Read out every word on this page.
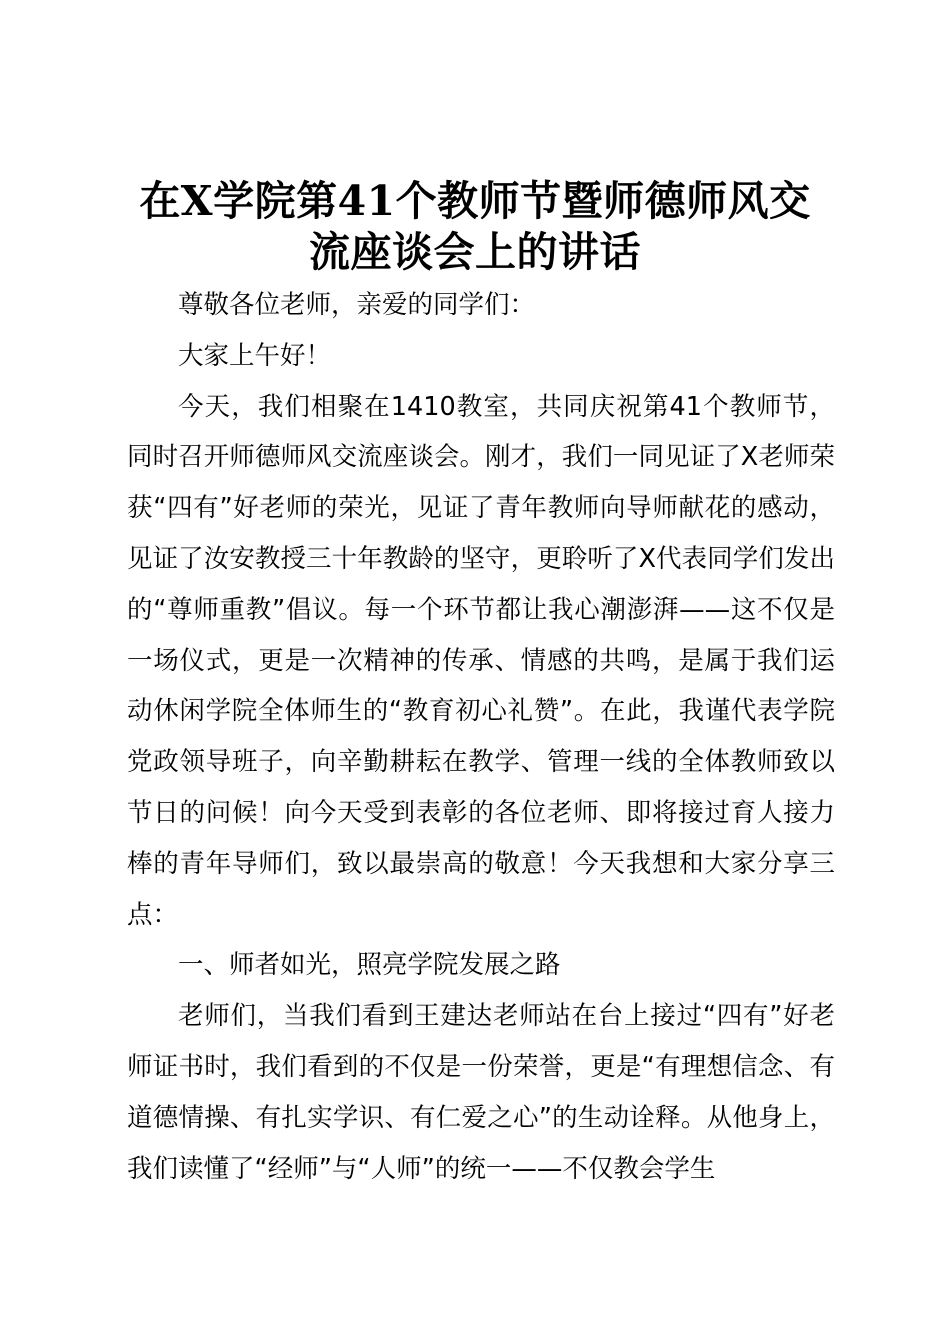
在X学院第41个教师节暨师德师风交流座谈会上的讲话

尊敬各位老师，亲爱的同学们：

大家上午好！

今天，我们相聚在1410教室，共同庆祝第41个教师节，同时召开师德师风交流座谈会。刚才，我们一同见证了X老师荣获“四有”好老师的荣光，见证了青年教师向导师献花的感动，见证了汝安教授三十年教龄的坚守，更聆听了X代表同学们发出的“尊师重教”倡议。每一个环节都让我心潮澎湃——这不仅是一场仪式，更是一次精神的传承、情感的共鸣，是属于我们运动休闲学院全体师生的“教育初心礼赞”。在此，我谨代表学院党政领导班子，向辛勤耕耘在教学、管理一线的全体教师致以节日的问候！向今天受到表彰的各位老师、即将接过育人接力棒的青年导师们，致以最崇高的敬意！今天我想和大家分享三点：

一、师者如光，照亮学院发展之路

老师们，当我们看到王建达老师站在台上接过“四有”好老师证书时，我们看到的不仅是一份荣誉，更是“有理想信念、有道德情操、有扎实学识、有仁爱之心”的生动诠释。从他身上，我们读懂了“经师”与“人师”的统一——不仅教会学生
